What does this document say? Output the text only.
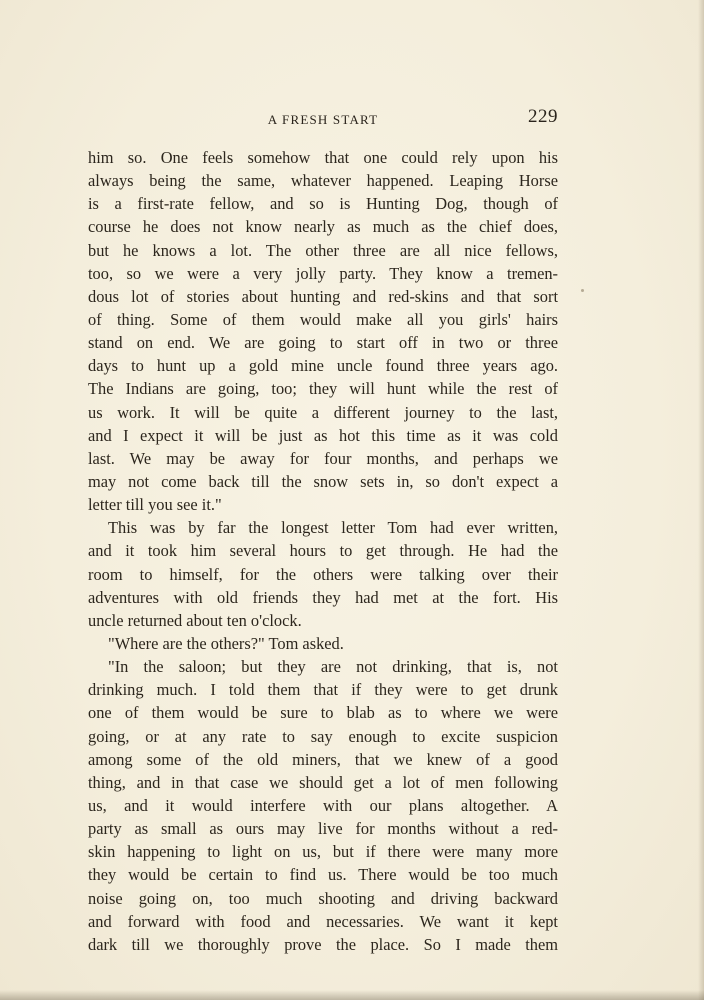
A FRESH START	229
him so. One feels somehow that one could rely upon his
always being the same, whatever happened. Leaping Horse
is a first-rate fellow, and so is Hunting Dog, though of
course he does not know nearly as much as the chief does,
but he knows a lot. The other three are all nice fellows,
too, so we were a very jolly party. They know a tremen-
dous lot of stories about hunting and red-skins and that sort
of thing. Some of them would make all you girls' hairs
stand on end. We are going to start off in two or three
days to hunt up a gold mine uncle found three years ago.
The Indians are going, too; they will hunt while the rest of
us work. It will be quite a different journey to the last,
and I expect it will be just as hot this time as it was cold
last. We may be away for four months, and perhaps we
may not come back till the snow sets in, so don't expect a
letter till you see it."
This was by far the longest letter Tom had ever written,
and it took him several hours to get through. He had the
room to himself, for the others were talking over their
adventures with old friends they had met at the fort. His
uncle returned about ten o'clock.
"Where are the others?" Tom asked.
"In the saloon; but they are not drinking, that is, not
drinking much. I told them that if they were to get drunk
one of them would be sure to blab as to where we were
going, or at any rate to say enough to excite suspicion
among some of the old miners, that we knew of a good
thing, and in that case we should get a lot of men following
us, and it would interfere with our plans altogether. A
party as small as ours may live for months without a red-
skin happening to light on us, but if there were many more
they would be certain to find us. There would be too much
noise going on, too much shooting and driving backward
and forward with food and necessaries. We want it kept
dark till we thoroughly prove the place. So I made them
